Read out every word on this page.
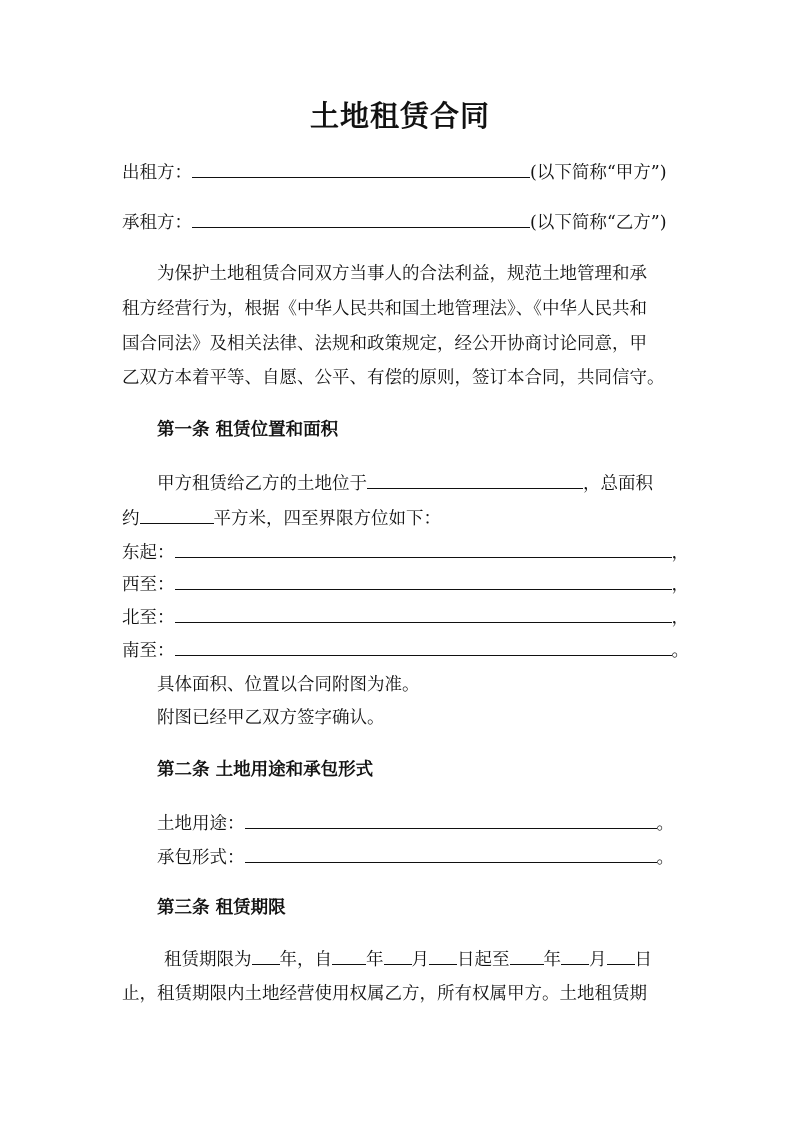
土地租赁合同
出租方：	(以下简称“甲方”)
承租方：	(以下简称“乙方”)
为保护土地租赁合同双方当事人的合法利益，规范土地管理和承
租方经营行为，根据《中华人民共和国土地管理法》、《中华人民共和
国合同法》及相关法律、法规和政策规定，经公开协商讨论同意，甲
乙双方本着平等、自愿、公平、有偿的原则，签订本合同，共同信守。
第一条 租赁位置和面积
甲方租赁给乙方的土地位于	，总面积
约	平方米，四至界限方位如下：
东起：	，
西至：	，
北至：	，
南至：	。
具体面积、位置以合同附图为准。
附图已经甲乙双方签字确认。
第二条 土地用途和承包形式
土地用途：	。
承包形式：	。
第三条 租赁期限
租赁期限为 年，自 年 月 日起至 年 月 日
止，租赁期限内土地经营使用权属乙方，所有权属甲方。土地租赁期
